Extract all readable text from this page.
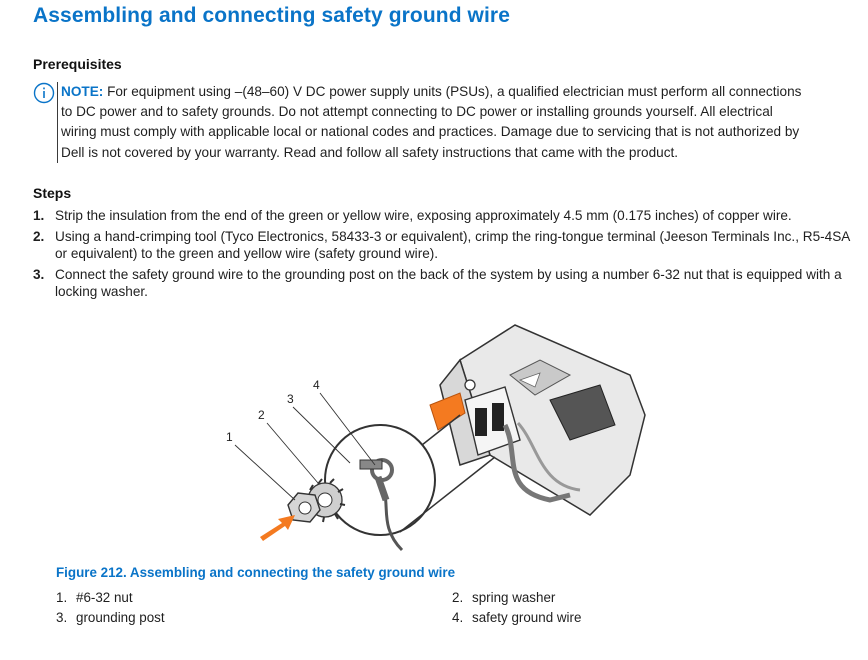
Assembling and connecting safety ground wire
Prerequisites
NOTE: For equipment using –(48–60) V DC power supply units (PSUs), a qualified electrician must perform all connections
to DC power and to safety grounds. Do not attempt connecting to DC power or installing grounds yourself. All electrical
wiring must comply with applicable local or national codes and practices. Damage due to servicing that is not authorized by
Dell is not covered by your warranty. Read and follow all safety instructions that came with the product.
Steps
1. Strip the insulation from the end of the green or yellow wire, exposing approximately 4.5 mm (0.175 inches) of copper wire.
2. Using a hand-crimping tool (Tyco Electronics, 58433-3 or equivalent), crimp the ring-tongue terminal (Jeeson Terminals Inc., R5-4SA or equivalent) to the green and yellow wire (safety ground wire).
3. Connect the safety ground wire to the grounding post on the back of the system by using a number 6-32 nut that is equipped with a locking washer.
1
2
3
4
Figure 212. Assembling and connecting the safety ground wire
1. #6-32 nut	2. spring washer
3. grounding post	4. safety ground wire
